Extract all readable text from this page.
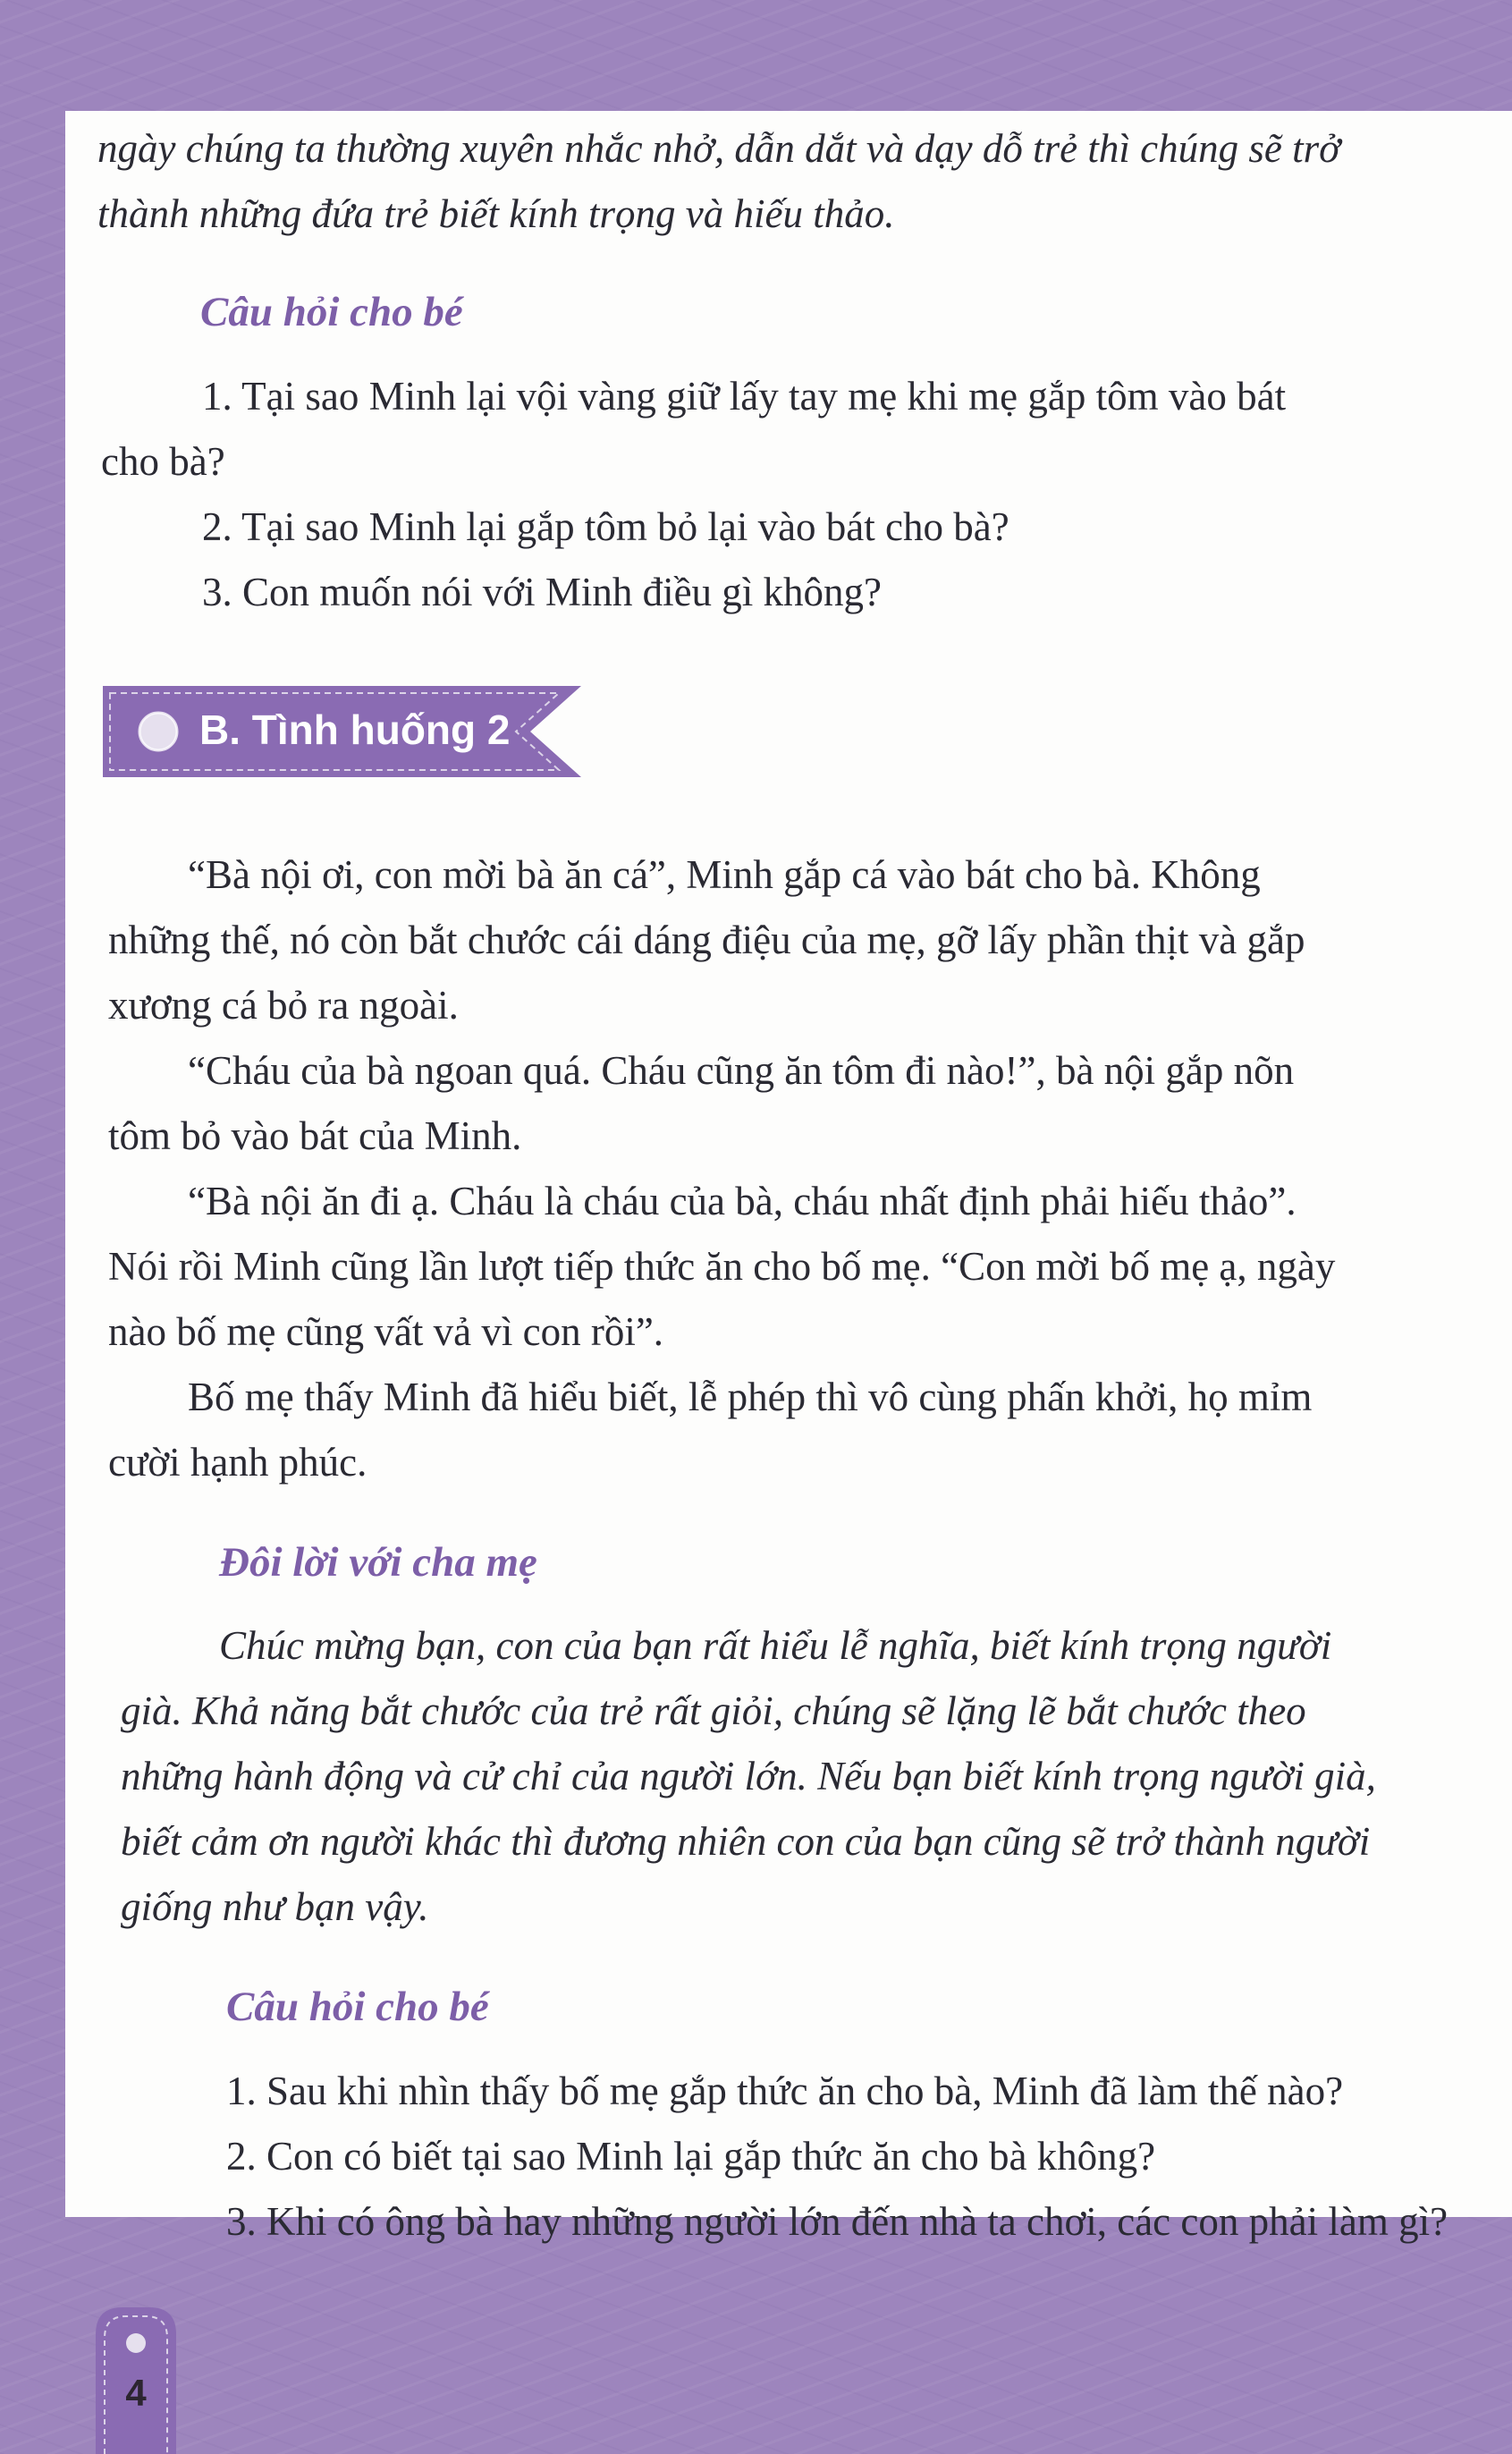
ngày chúng ta thường xuyên nhắc nhở, dẫn dắt và dạy dỗ trẻ thì chúng sẽ trở

thành những đứa trẻ biết kính trọng và hiếu thảo.

Câu hỏi cho bé

1. Tại sao Minh lại vội vàng giữ lấy tay mẹ khi mẹ gắp tôm vào bát

cho bà?

2. Tại sao Minh lại gắp tôm bỏ lại vào bát cho bà?

3. Con muốn nói với Minh điều gì không?

B. Tình huống 2

“Bà nội ơi, con mời bà ăn cá”, Minh gắp cá vào bát cho bà. Không

những thế, nó còn bắt chước cái dáng điệu của mẹ, gỡ lấy phần thịt và gắp

xương cá bỏ ra ngoài.

“Cháu của bà ngoan quá. Cháu cũng ăn tôm đi nào!”, bà nội gắp nõn

tôm bỏ vào bát của Minh.

“Bà nội ăn đi ạ. Cháu là cháu của bà, cháu nhất định phải hiếu thảo”.

Nói rồi Minh cũng lần lượt tiếp thức ăn cho bố mẹ. “Con mời bố mẹ ạ, ngày

nào bố mẹ cũng vất vả vì con rồi”.

Bố mẹ thấy Minh đã hiểu biết, lễ phép thì vô cùng phấn khởi, họ mỉm

cười hạnh phúc.

Đôi lời với cha mẹ

Chúc mừng bạn, con của bạn rất hiểu lễ nghĩa, biết kính trọng người

già. Khả năng bắt chước của trẻ rất giỏi, chúng sẽ lặng lẽ bắt chước theo

những hành động và cử chỉ của người lớn. Nếu bạn biết kính trọng người già,

biết cảm ơn người khác thì đương nhiên con của bạn cũng sẽ trở thành người

giống như bạn vậy.

Câu hỏi cho bé

1. Sau khi nhìn thấy bố mẹ gắp thức ăn cho bà, Minh đã làm thế nào?

2. Con có biết tại sao Minh lại gắp thức ăn cho bà không?

3. Khi có ông bà hay những người lớn đến nhà ta chơi, các con phải làm gì?

4
